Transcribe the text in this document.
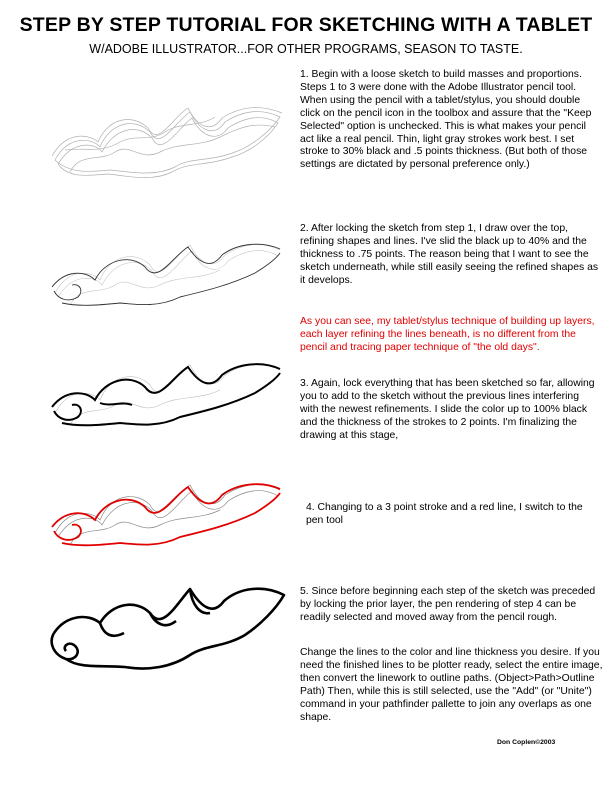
STEP BY STEP TUTORIAL FOR SKETCHING WITH A TABLET

W/ADOBE ILLUSTRATOR...FOR OTHER PROGRAMS, SEASON TO TASTE.

1. Begin with a loose sketch to build masses and proportions. Steps 1 to 3 were done with the Adobe Illustrator pencil tool. When using the pencil with a tablet/stylus, you should double click on the pencil icon in the toolbox and assure that the "Keep Selected" option is unchecked. This is what makes your pencil act like a real pencil. Thin, light gray strokes work best. I set stroke to 30% black and .5 points thickness. (But both of those settings are dictated by personal preference only.)

2. After locking the sketch from step 1, I draw over the top, refining shapes and lines. I've slid the black up to 40% and the thickness to .75 points. The reason being that I want to see the sketch underneath, while still easily seeing the refined shapes as it develops.

As you can see, my tablet/stylus technique of building up layers, each layer refining the lines beneath, is no different from the pencil and tracing paper technique of "the old days".

3. Again, lock everything that has been sketched so far, allowing you to add to the sketch without the previous lines interfering with the newest refinements. I slide the color up to 100% black and the thickness of the strokes to 2 points. I'm finalizing the drawing at this stage,

4. Changing to a 3 point stroke and a red line, I switch to the pen tool

5. Since before beginning each step of the sketch was preceded by locking the prior layer, the pen rendering of step 4 can be readily selected and moved away from the pencil rough.

Change the lines to the color and line thickness you desire. If you need the finished lines to be plotter ready, select the entire image, then convert the linework to outline paths. (Object>Path>Outline Path) Then, while this is still selected, use the "Add" (or "Unite") command in your pathfinder pallette to join any overlaps as one shape.

Don Coplen©2003
